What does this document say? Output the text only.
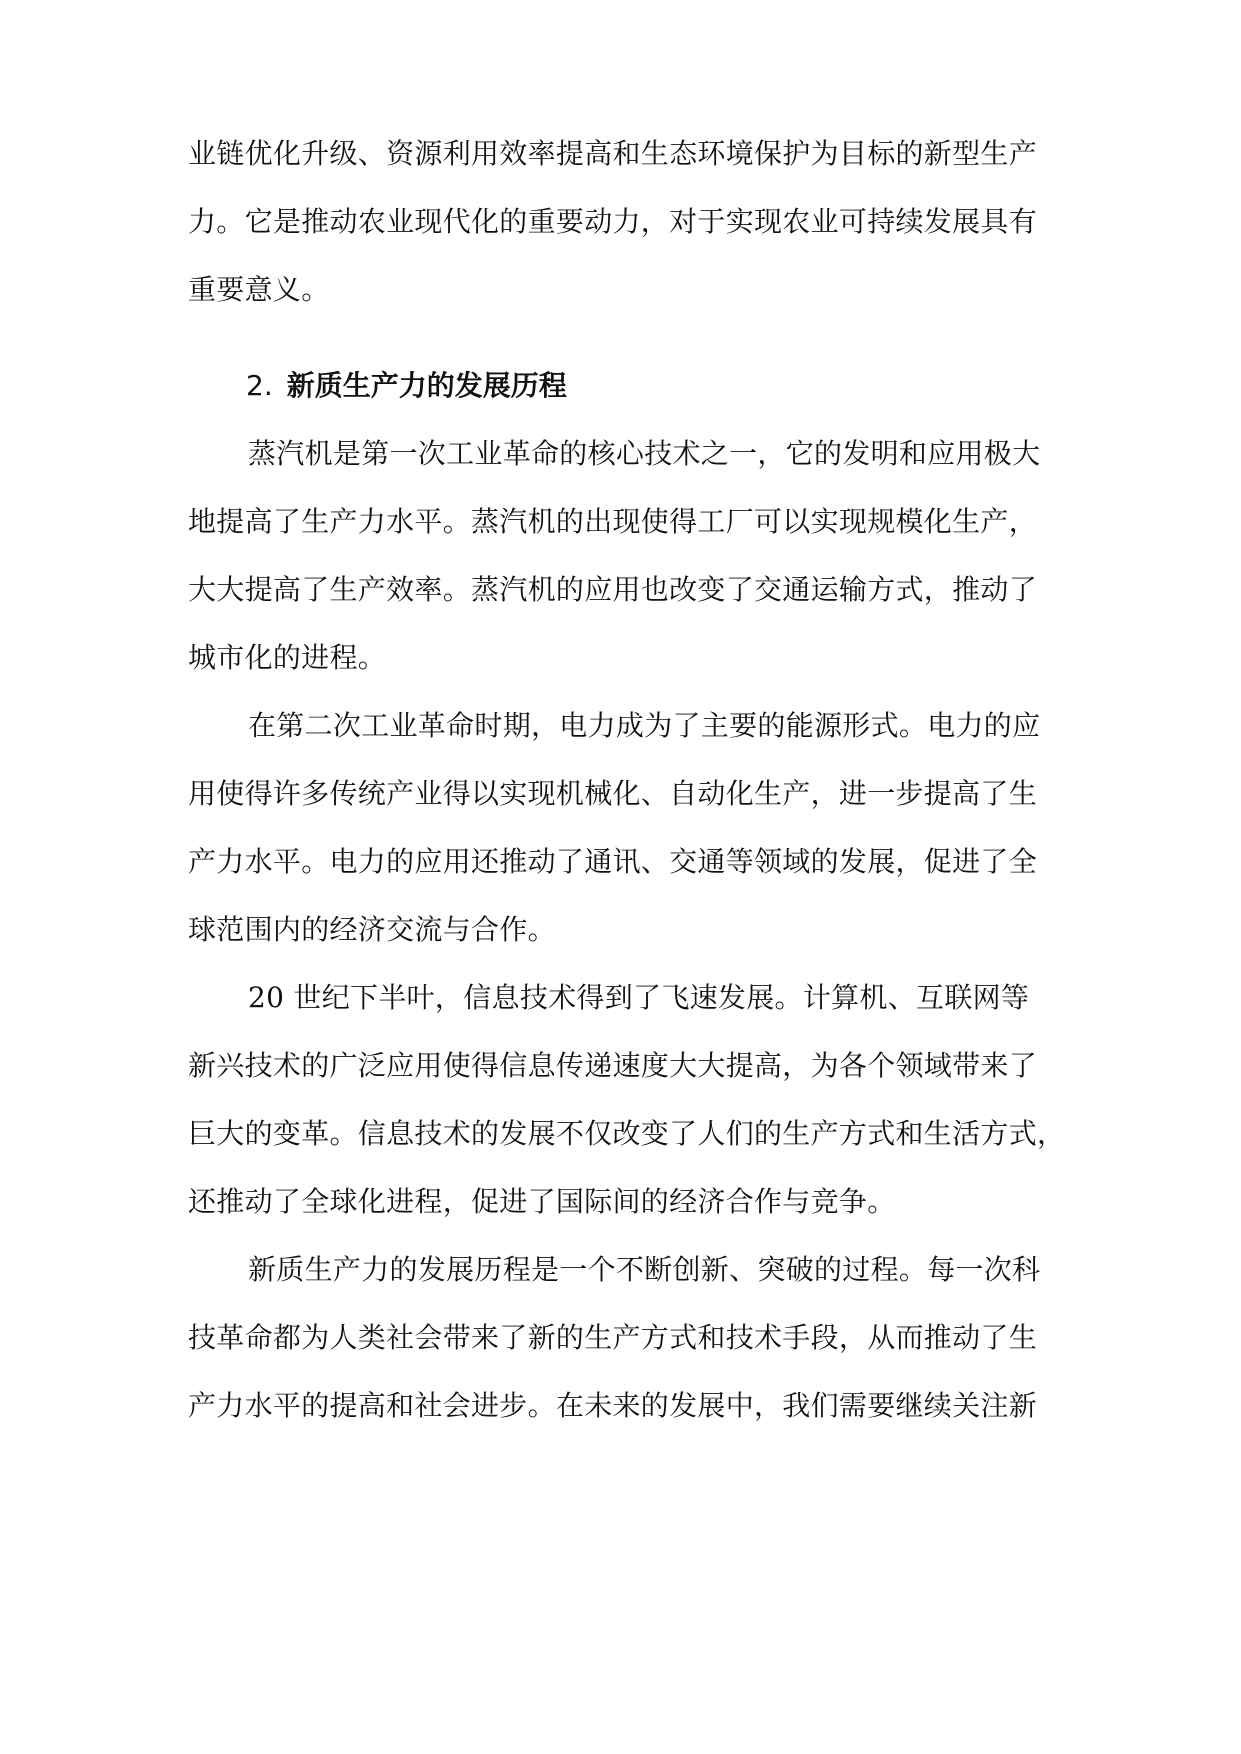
业链优化升级、资源利用效率提高和生态环境保护为目标的新型生产
力。它是推动农业现代化的重要动力，对于实现农业可持续发展具有
重要意义。
2. 新质生产力的发展历程
蒸汽机是第一次工业革命的核心技术之一，它的发明和应用极大
地提高了生产力水平。蒸汽机的出现使得工厂可以实现规模化生产，
大大提高了生产效率。蒸汽机的应用也改变了交通运输方式，推动了
城市化的进程。
在第二次工业革命时期，电力成为了主要的能源形式。电力的应
用使得许多传统产业得以实现机械化、自动化生产，进一步提高了生
产力水平。电力的应用还推动了通讯、交通等领域的发展，促进了全
球范围内的经济交流与合作。
20 世纪下半叶，信息技术得到了飞速发展。计算机、互联网等
新兴技术的广泛应用使得信息传递速度大大提高，为各个领域带来了
巨大的变革。信息技术的发展不仅改变了人们的生产方式和生活方式，
还推动了全球化进程，促进了国际间的经济合作与竞争。
新质生产力的发展历程是一个不断创新、突破的过程。每一次科
技革命都为人类社会带来了新的生产方式和技术手段，从而推动了生
产力水平的提高和社会进步。在未来的发展中，我们需要继续关注新
